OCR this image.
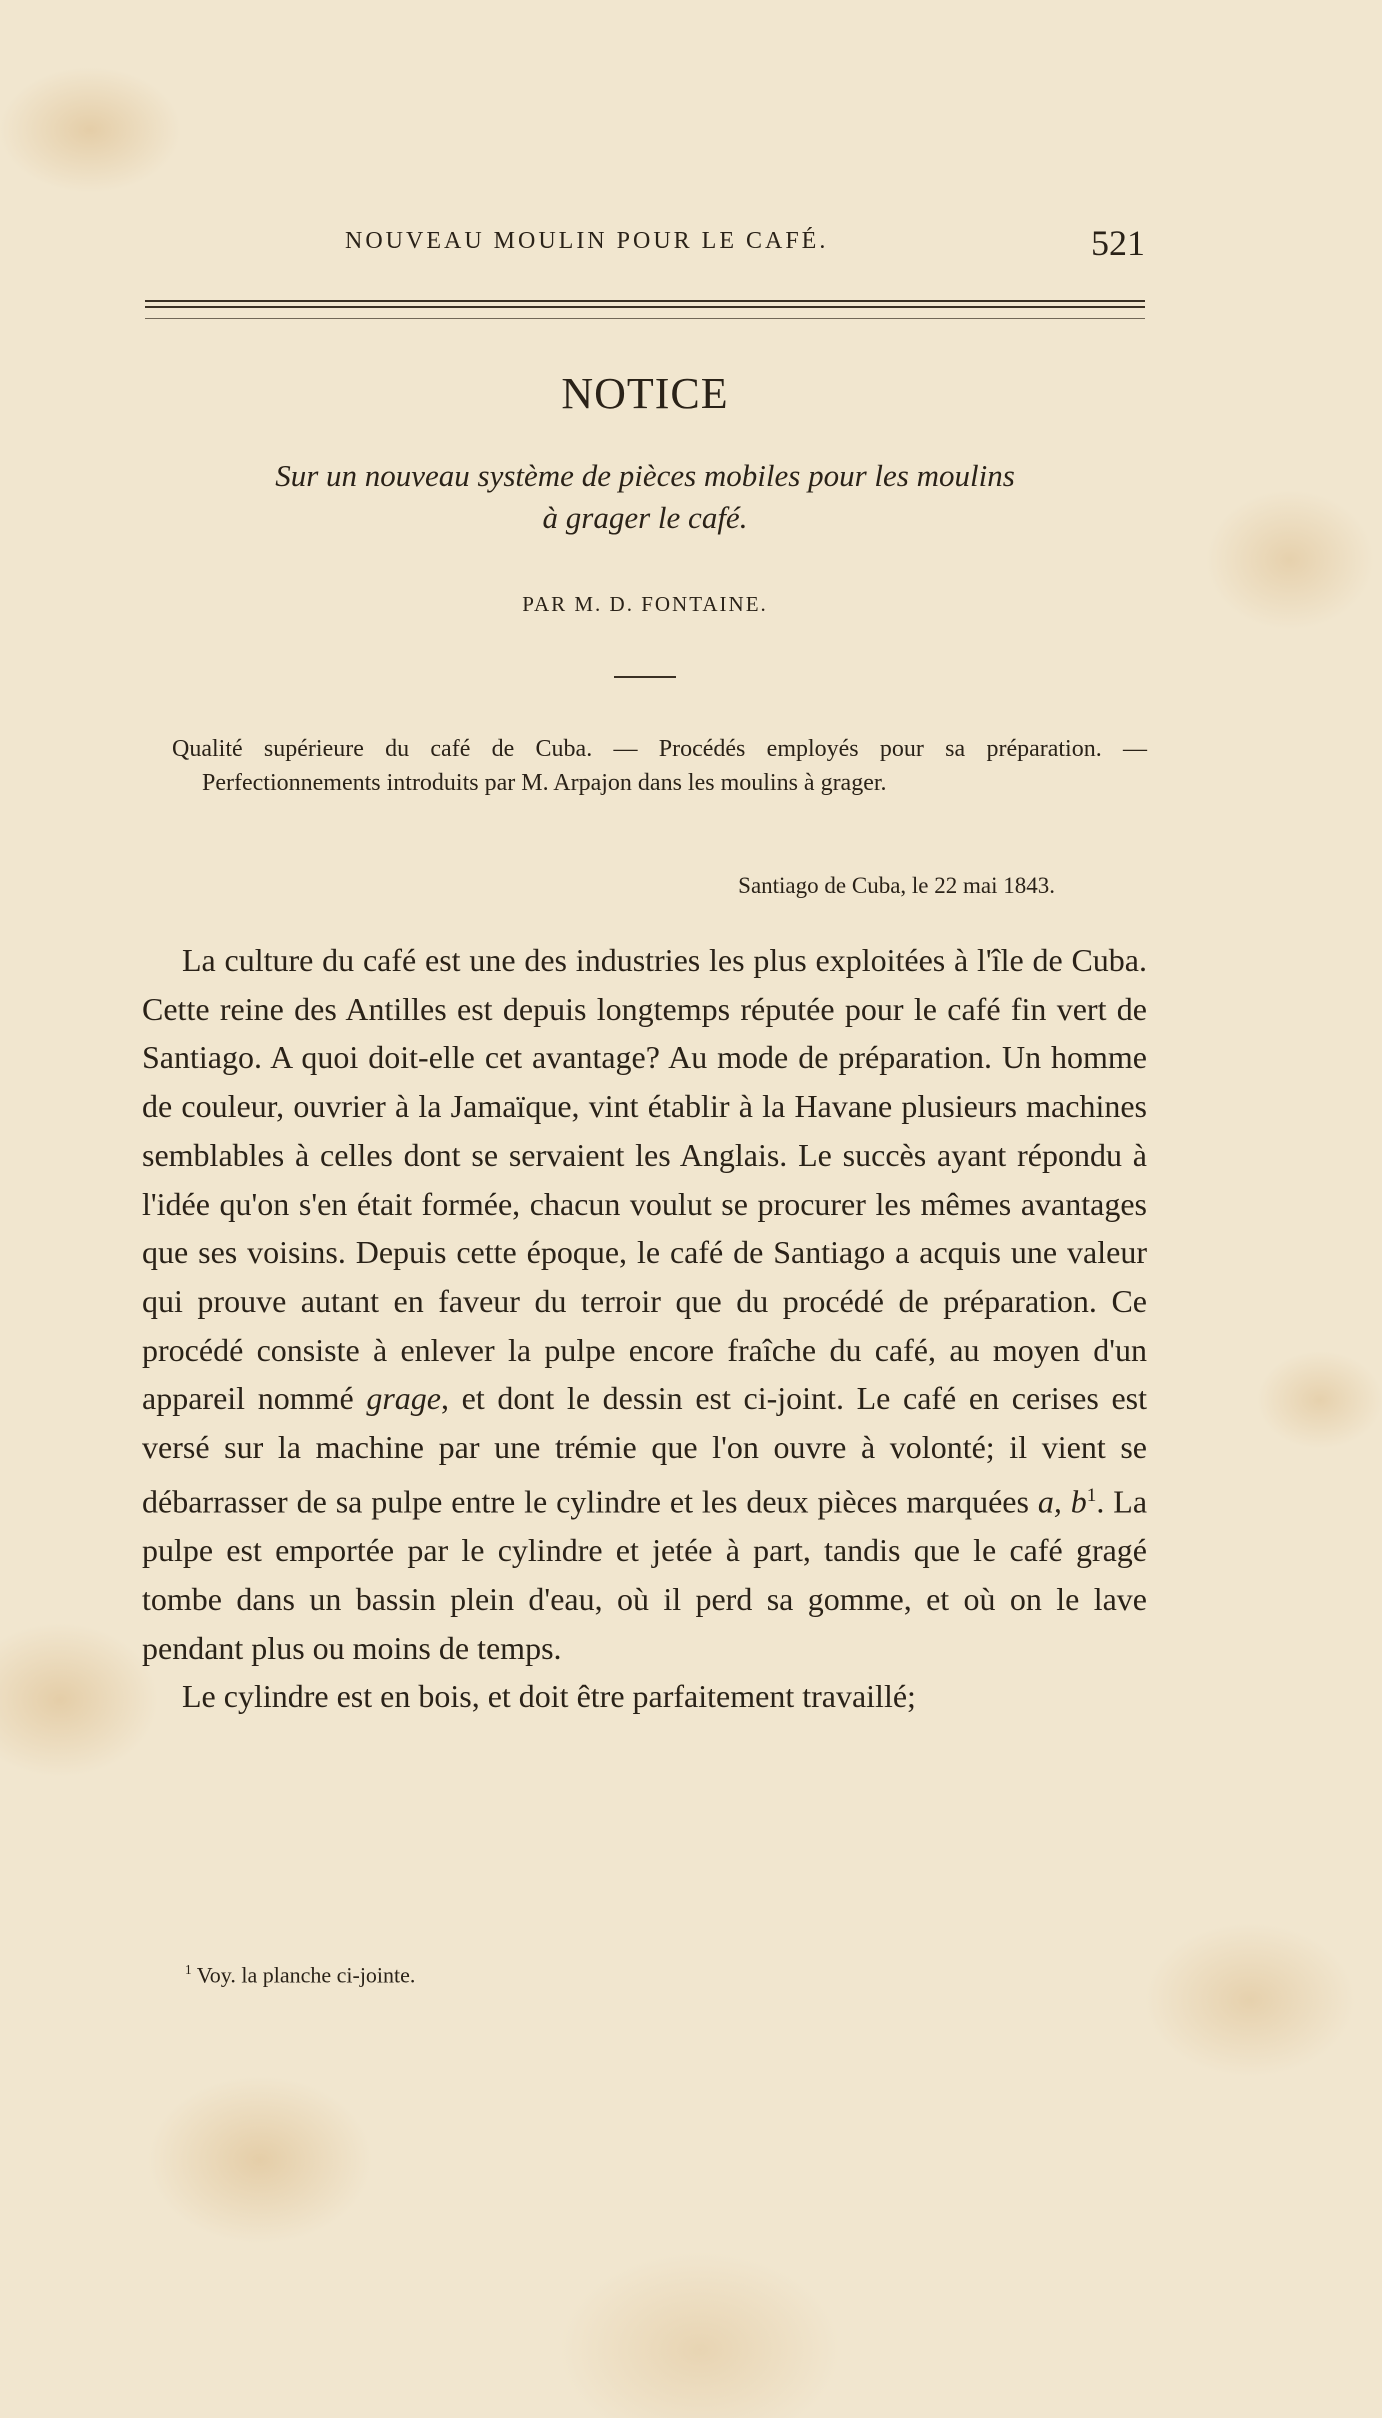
NOUVEAU MOULIN POUR LE CAFÉ.	521
NOTICE
Sur un nouveau système de pièces mobiles pour les moulins
à grager le café.
PAR M. D. FONTAINE.

Qualité supérieure du café de Cuba. — Procédés employés pour sa préparation. — Perfectionnements introduits par M. Arpajon dans les moulins à grager.

Santiago de Cuba, le 22 mai 1843.

La culture du café est une des industries les plus exploitées à l'île de Cuba. Cette reine des Antilles est depuis longtemps réputée pour le café fin vert de Santiago. A quoi doit-elle cet avantage? Au mode de préparation. Un homme de couleur, ouvrier à la Jamaïque, vint établir à la Havane plusieurs machines semblables à celles dont se servaient les Anglais. Le succès ayant répondu à l'idée qu'on s'en était formée, chacun voulut se procurer les mêmes avantages que ses voisins. Depuis cette époque, le café de Santiago a acquis une valeur qui prouve autant en faveur du terroir que du procédé de préparation. Ce procédé consiste à enlever la pulpe encore fraîche du café, au moyen d'un appareil nommé grage, et dont le dessin est ci-joint. Le café en cerises est versé sur la machine par une trémie que l'on ouvre à volonté; il vient se débarrasser de sa pulpe entre le cylindre et les deux pièces marquées a, $b^1$. La pulpe est emportée par le cylindre et jetée à part, tandis que le café gragé tombe dans un bassin plein d'eau, où il perd sa gomme, et où on le lave pendant plus ou moins de temps.

Le cylindre est en bois, et doit être parfaitement travaillé;

$^1$ Voy. la planche ci-jointe.
